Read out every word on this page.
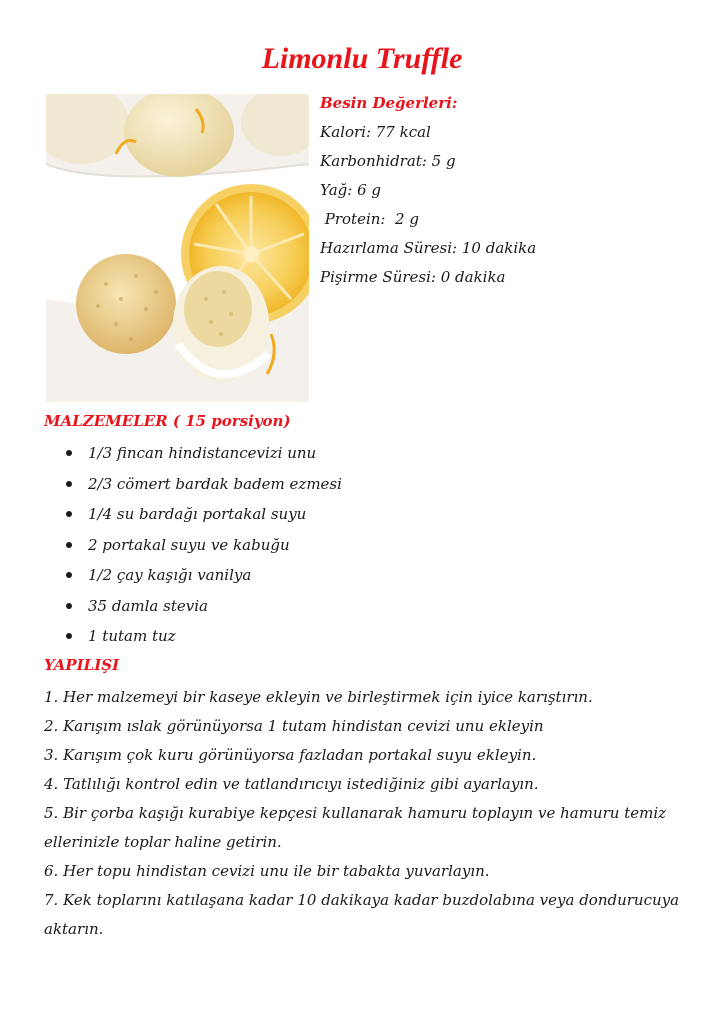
Limonlu Truffle
Besin Değerleri:
Kalori: 77 kcal
Karbonhidrat: 5 g
Yağ: 6 g
Protein:  2 g
Hazırlama Süresi: 10 dakika
Pişirme Süresi: 0 dakika
MALZEMELER ( 15 porsiyon)
1/3 fincan hindistancevizi unu
2/3 cömert bardak badem ezmesi
1/4 su bardağı portakal suyu
2 portakal suyu ve kabuğu
1/2 çay kaşığı vanilya
35 damla stevia
1 tutam tuz
YAPILIŞI
1. Her malzemeyi bir kaseye ekleyin ve birleştirmek için iyice karıştırın.
2. Karışım ıslak görünüyorsa 1 tutam hindistan cevizi unu ekleyin
3. Karışım çok kuru görünüyorsa fazladan portakal suyu ekleyin.
4. Tatlılığı kontrol edin ve tatlandırıcıyı istediğiniz gibi ayarlayın.
5. Bir çorba kaşığı kurabiye kepçesi kullanarak hamuru toplayın ve hamuru temiz ellerinizle toplar haline getirin.
6. Her topu hindistan cevizi unu ile bir tabakta yuvarlayın.
7. Kek toplarını katılaşana kadar 10 dakikaya kadar buzdolabına veya dondurucuya aktarın.
